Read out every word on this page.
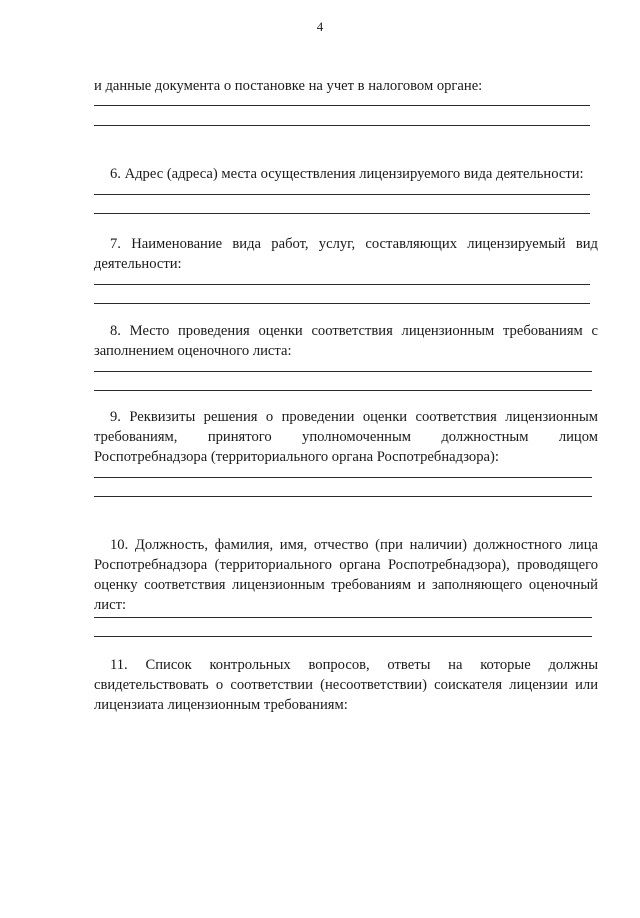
4

и данные документа о постановке на учет в налоговом органе:

6. Адрес (адреса) места осуществления лицензируемого вида деятельности:

7. Наименование вида работ, услуг, составляющих лицензируемый вид деятельности:

8. Место проведения оценки соответствия лицензионным требованиям с заполнением оценочного листа:

9. Реквизиты решения о проведении оценки соответствия лицензионным требованиям, принятого уполномоченным должностным лицом Роспотребнадзора (территориального органа Роспотребнадзора):

10. Должность, фамилия, имя, отчество (при наличии) должностного лица Роспотребнадзора (территориального органа Роспотребнадзора), проводящего оценку соответствия лицензионным требованиям и заполняющего оценочный лист:

11. Список контрольных вопросов, ответы на которые должны свидетельствовать о соответствии (несоответствии) соискателя лицензии или лицензиата лицензионным требованиям:
